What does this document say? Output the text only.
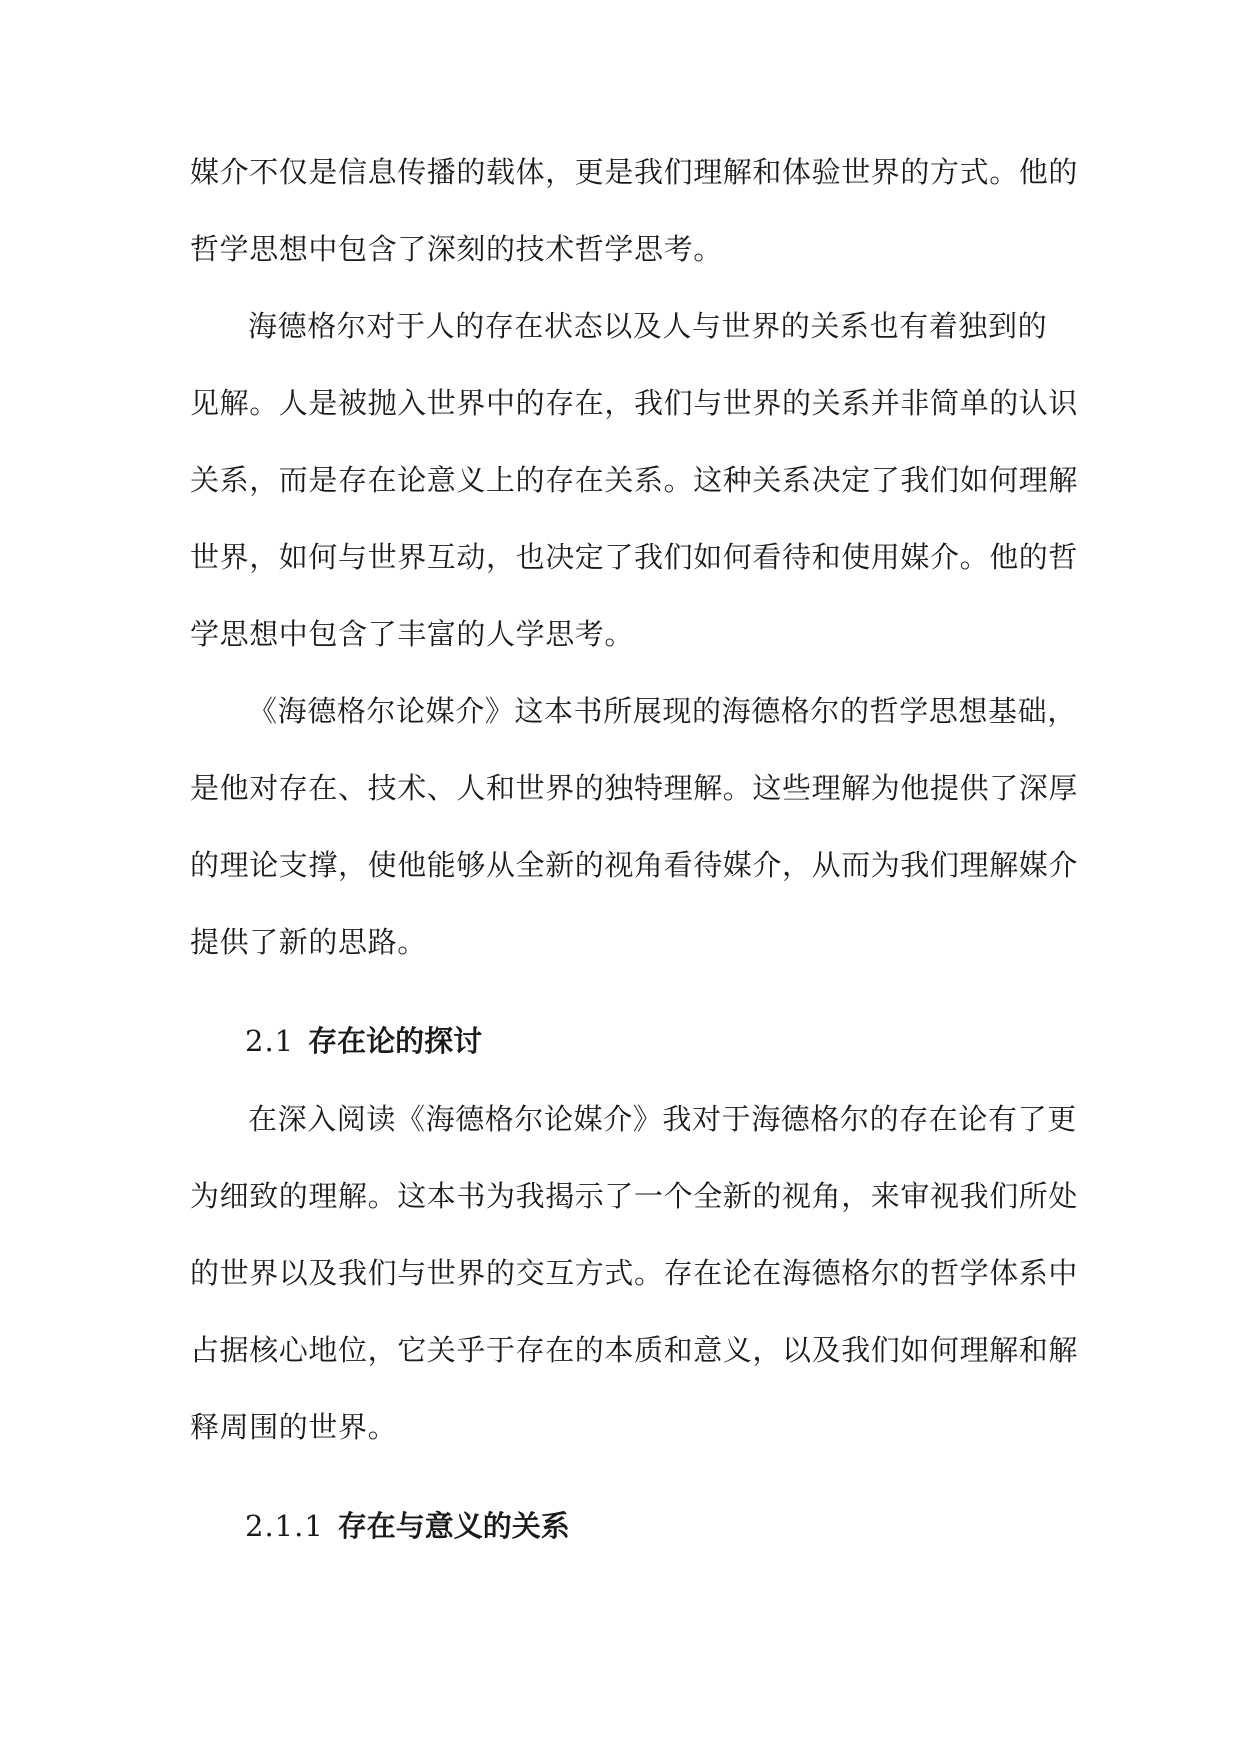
媒介不仅是信息传播的载体，更是我们理解和体验世界的方式。他的
哲学思想中包含了深刻的技术哲学思考。
海德格尔对于人的存在状态以及人与世界的关系也有着独到的
见解。人是被抛入世界中的存在，我们与世界的关系并非简单的认识
关系，而是存在论意义上的存在关系。这种关系决定了我们如何理解
世界，如何与世界互动，也决定了我们如何看待和使用媒介。他的哲
学思想中包含了丰富的人学思考。
《海德格尔论媒介》这本书所展现的海德格尔的哲学思想基础，
是他对存在、技术、人和世界的独特理解。这些理解为他提供了深厚
的理论支撑，使他能够从全新的视角看待媒介，从而为我们理解媒介
提供了新的思路。
2.1 存在论的探讨
在深入阅读《海德格尔论媒介》我对于海德格尔的存在论有了更
为细致的理解。这本书为我揭示了一个全新的视角，来审视我们所处
的世界以及我们与世界的交互方式。存在论在海德格尔的哲学体系中
占据核心地位，它关乎于存在的本质和意义，以及我们如何理解和解
释周围的世界。
2.1.1 存在与意义的关系
